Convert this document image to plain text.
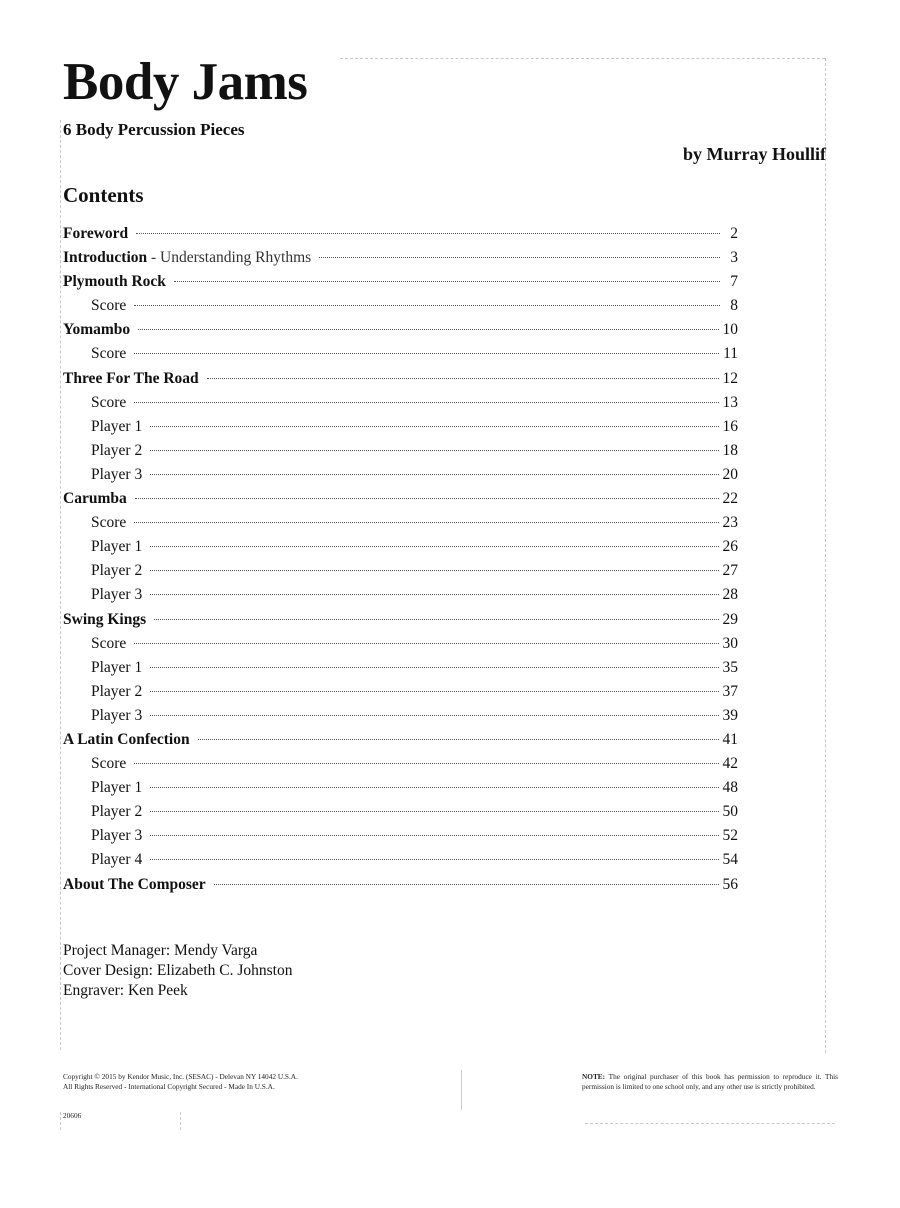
Body Jams
6 Body Percussion Pieces
by Murray Houllif
Contents
Foreword	2
Introduction - Understanding Rhythms	3
Plymouth Rock	7
Score	8
Yomambo	10
Score	11
Three For The Road	12
Score	13
Player 1	16
Player 2	18
Player 3	20
Carumba	22
Score	23
Player 1	26
Player 2	27
Player 3	28
Swing Kings	29
Score	30
Player 1	35
Player 2	37
Player 3	39
A Latin Confection	41
Score	42
Player 1	48
Player 2	50
Player 3	52
Player 4	54
About The Composer	56
Project Manager: Mendy Varga
Cover Design: Elizabeth C. Johnston
Engraver: Ken Peek
Copyright © 2015 by Kendor Music, Inc. (SESAC) - Delevan NY 14042 U.S.A.
All Rights Reserved - International Copyright Secured - Made In U.S.A.
NOTE: The original purchaser of this book has permission to reproduce it. This permission is limited to one school only, and any other use is strictly prohibited.
20606
